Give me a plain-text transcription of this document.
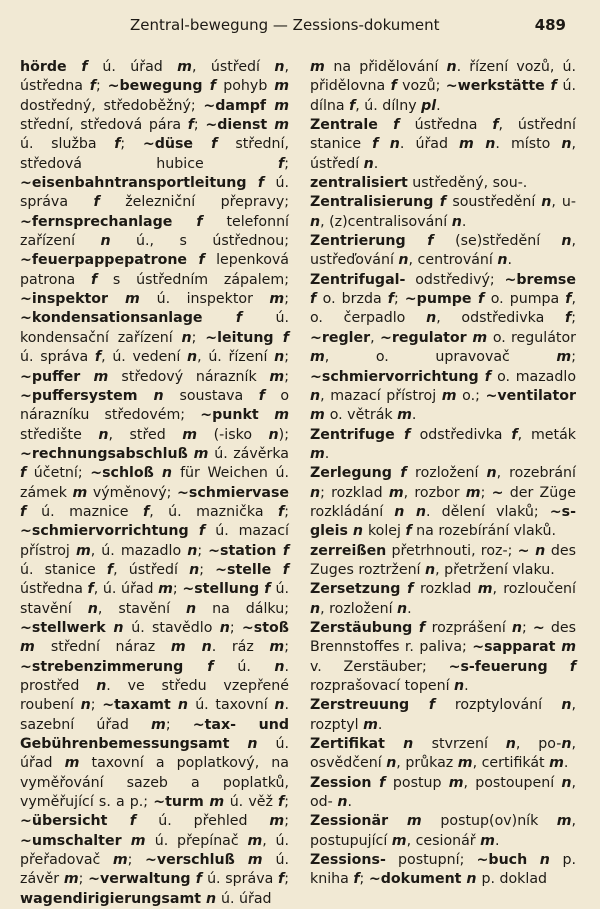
Zentral-bewegung — Zessions-dokument	489

hörde f ú. úřad m, ústředí n, ústředna f; ~bewegung f pohyb m dostředný, středoběžný; ~dampf m střední, středová pára f; ~dienst m ú. služba f; ~düse f střední, středová hubice f; ~eisenbahntransportleitung f ú. správa f železniční přepravy; ~fernsprechanlage f telefonní zařízení n ú., s ústřednou; ~feuerpappepatrone f lepenková patrona f s ústředním zápalem; ~inspektor m ú. inspektor m; ~kondensationsanlage f ú. kondensační zařízení n; ~leitung f ú. správa f, ú. vedení n, ú. řízení n; ~puffer m středový nárazník m; ~puffersystem n soustava f o nárazníku středovém; ~punkt m středište n, střed m (-isko n); ~rechnungsabschluß m ú. závěrka f účetní; ~schloß n für Weichen ú. zámek m výměnový; ~schmiervase f ú. maznice f, ú. maznička f; ~schmiervorrichtung f ú. mazací přístroj m, ú. mazadlo n; ~station f ú. stanice f, ústředí n; ~stelle f ústředna f, ú. úřad m; ~stellung f ú. stavění n, stavění n na dálku; ~stellwerk n ú. stavědlo n; ~stoß m střední náraz m n. ráz m; ~strebenzimmerung f ú. n. prostřed n. ve středu vzepřené roubení n; ~taxamt n ú. taxovní n. sazební úřad m; ~tax- und Gebührenbemessungsamt n ú. úřad m taxovní a poplatkový, na vyměřování sazeb a poplatků, vyměřující s. a p.; ~turm m ú. věž f; ~übersicht f ú. přehled m; ~umschalter m ú. přepínač m, ú. přeřadovač m; ~verschluß m ú. závěr m; ~verwaltung f ú. správa f; wagendirigierungsamt n ú. úřad

m na přidělování n. řízení vozů, ú. přidělovna f vozů; ~werkstätte f ú. dílna f, ú. dílny pl.

Zentrale f ústředna f, ústřední stanice f n. úřad m n. místo n, ústředí n.

zentralisiert ustředěný, sou-.

Zentralisierung f soustředění n, u- n, (z)centralisování n.

Zentrierung f (se)středění n, ustřeďování n, centrování n.

Zentrifugal- odstředivý; ~bremse f o. brzda f; ~pumpe f o. pumpa f, o. čerpadlo n, odstředivka f; ~regler, ~regulator m o. regulátor m, o. upravovač m; ~schmiervorrichtung f o. mazadlo n, mazací přístroj m o.; ~ventilator m o. větrák m.

Zentrifuge f odstředivka f, meták m.

Zerlegung f rozložení n, rozebrání n; rozklad m, rozbor m; ~ der Züge rozkládání n n. dělení vlaků; ~s-gleis n kolej f na rozebírání vlaků.

zerreißen přetrhnouti, roz-; ~ n des Zuges roztržení n, přetržení vlaku.

Zersetzung f rozklad m, rozloučení n, rozložení n.

Zerstäubung f rozprášení n; ~ des Brennstoffes r. paliva; ~sapparat m v. Zerstäuber; ~s-feuerung f rozprašovací topení n.

Zerstreuung f rozptylování n, rozptyl m.

Zertifikat n stvrzení n, po-n, osvědčení n, průkaz m, certifikát m.

Zession f postup m, postoupení n, od- n.

Zessionär m postup(ov)ník m, postupující m, cesionář m.

Zessions- postupní; ~buch n p. kniha f; ~dokument n p. doklad
